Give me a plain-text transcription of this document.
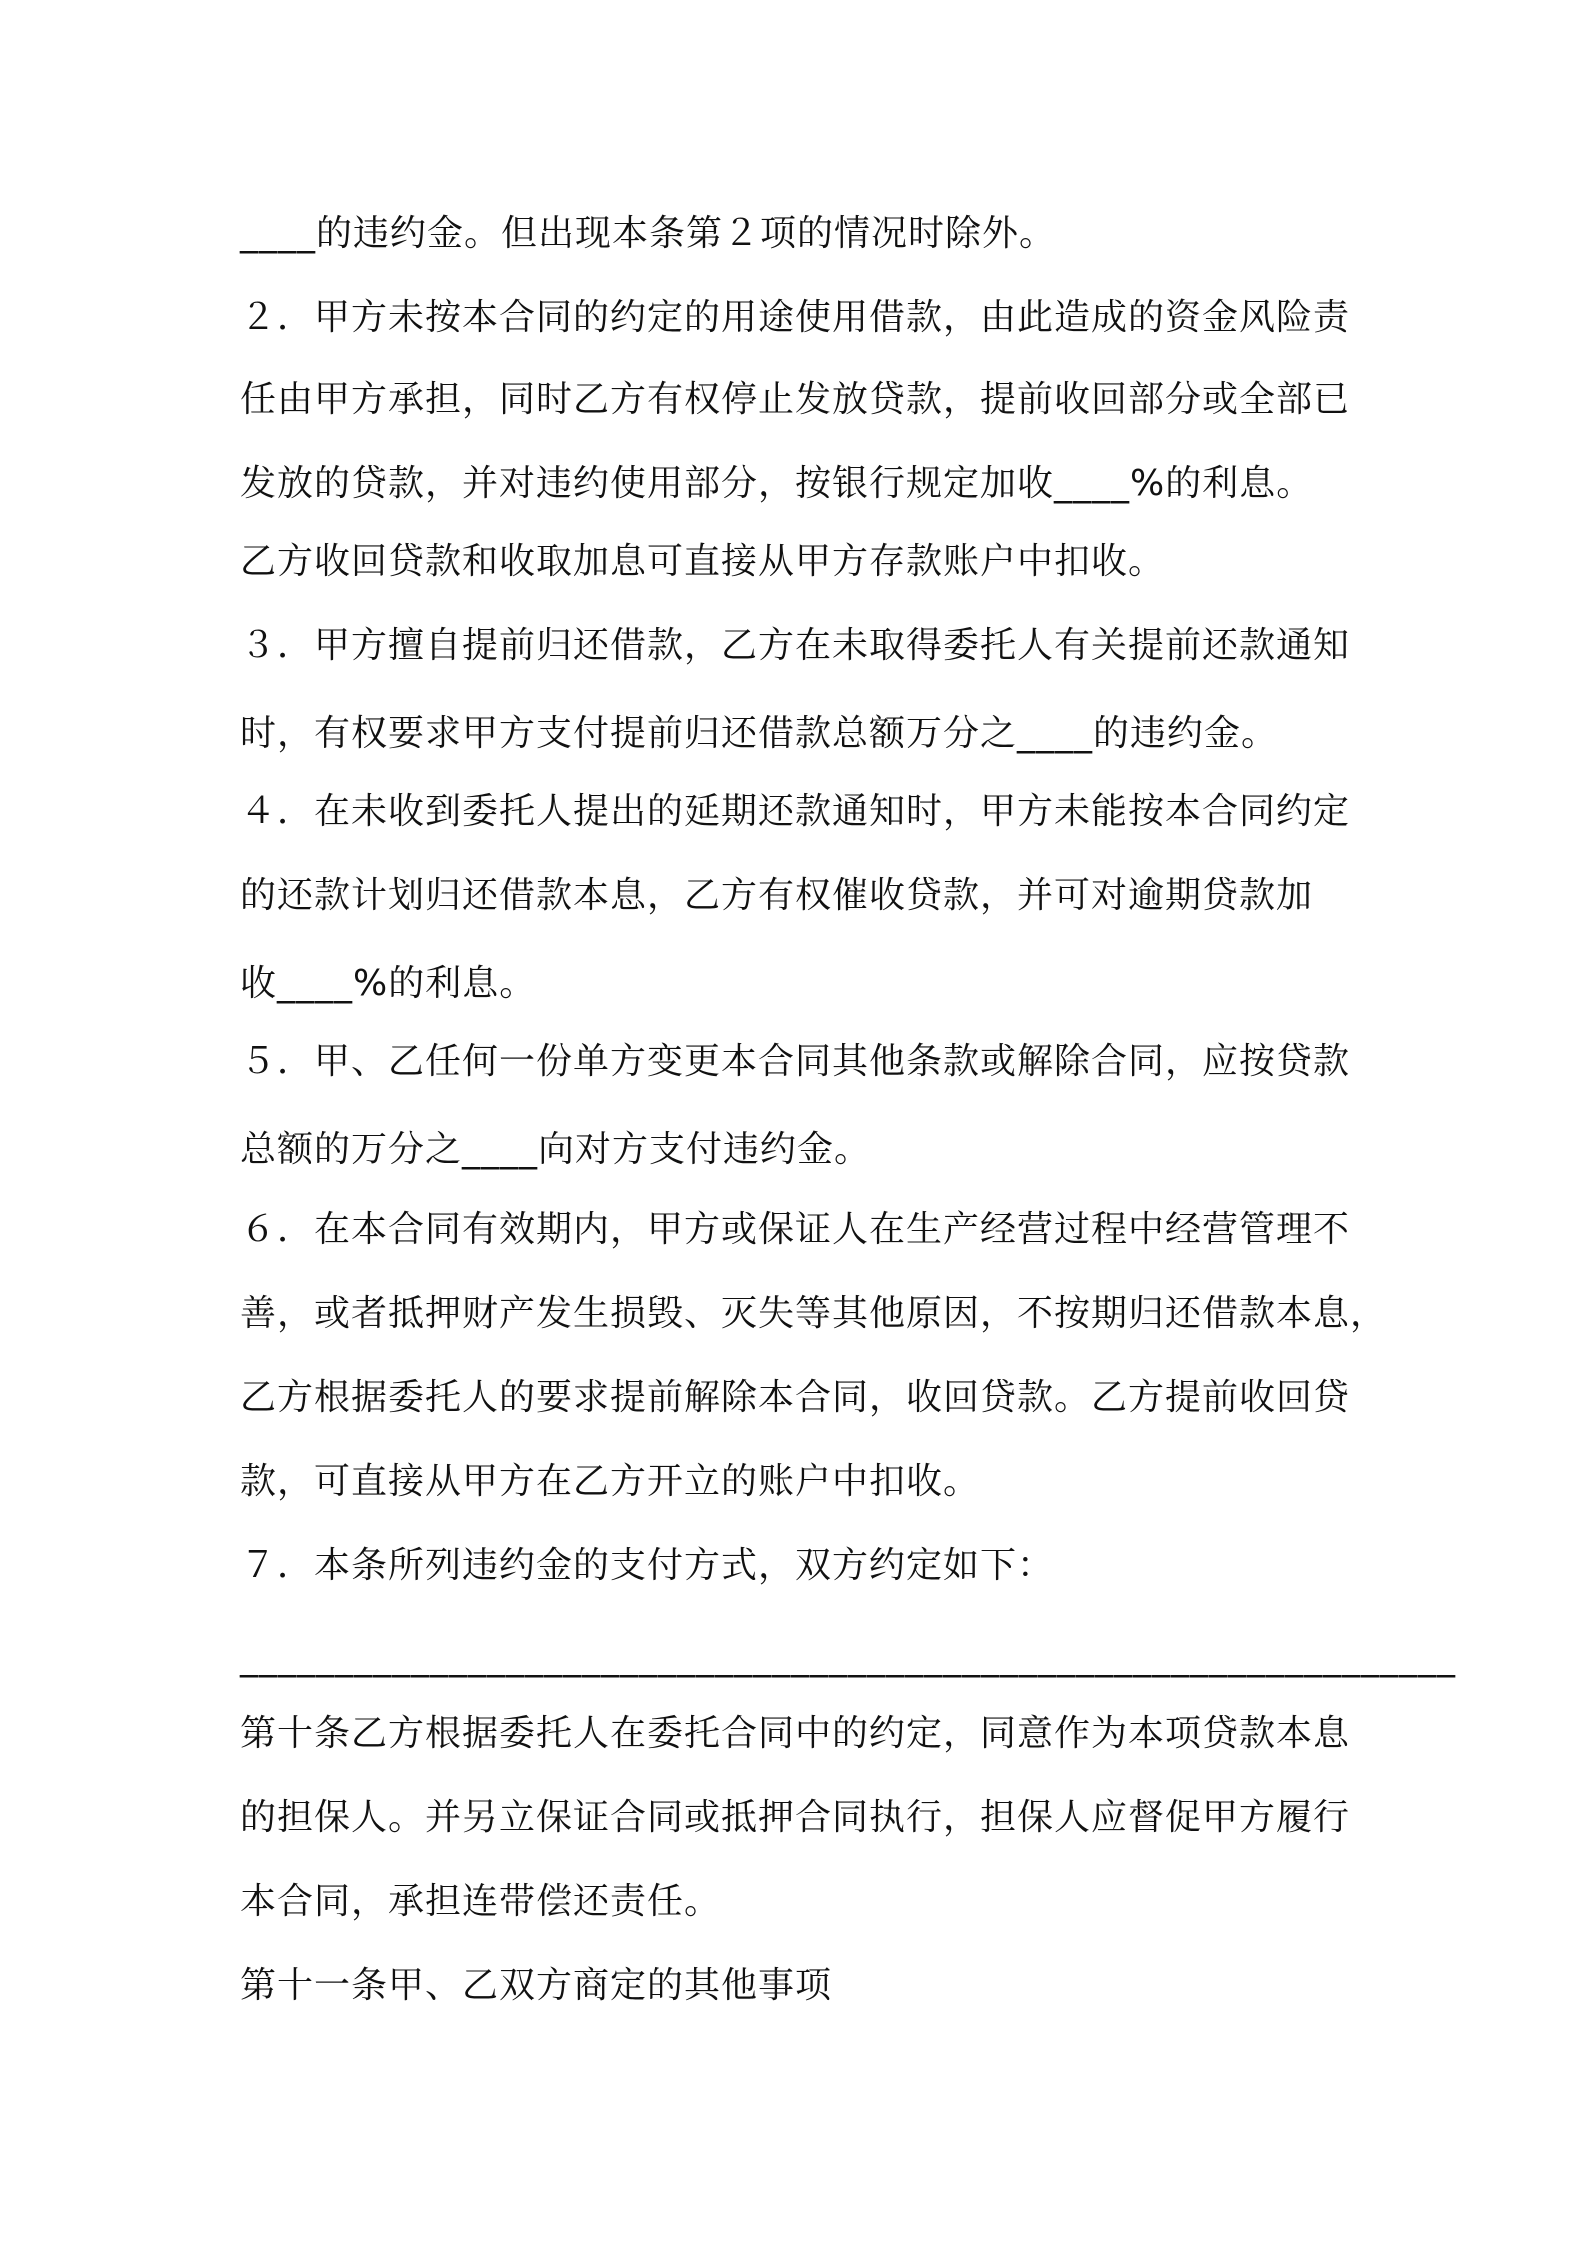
____的违约金。但出现本条第２项的情况时除外。
２．甲方未按本合同的约定的用途使用借款，由此造成的资金风险责
任由甲方承担，同时乙方有权停止发放贷款，提前收回部分或全部已
发放的贷款，并对违约使用部分，按银行规定加收____%的利息。
乙方收回贷款和收取加息可直接从甲方存款账户中扣收。
３．甲方擅自提前归还借款，乙方在未取得委托人有关提前还款通知
时，有权要求甲方支付提前归还借款总额万分之____的违约金。
４．在未收到委托人提出的延期还款通知时，甲方未能按本合同约定
的还款计划归还借款本息，乙方有权催收贷款，并可对逾期贷款加
收____%的利息。
５．甲、乙任何一份单方变更本合同其他条款或解除合同，应按贷款
总额的万分之____向对方支付违约金。
６．在本合同有效期内，甲方或保证人在生产经营过程中经营管理不
善，或者抵押财产发生损毁、灭失等其他原因，不按期归还借款本息，
乙方根据委托人的要求提前解除本合同，收回贷款。乙方提前收回贷
款，可直接从甲方在乙方开立的账户中扣收。
７．本条所列违约金的支付方式，双方约定如下：
________________________________________________________________
第十条乙方根据委托人在委托合同中的约定，同意作为本项贷款本息
的担保人。并另立保证合同或抵押合同执行，担保人应督促甲方履行
本合同，承担连带偿还责任。
第十一条甲、乙双方商定的其他事项
